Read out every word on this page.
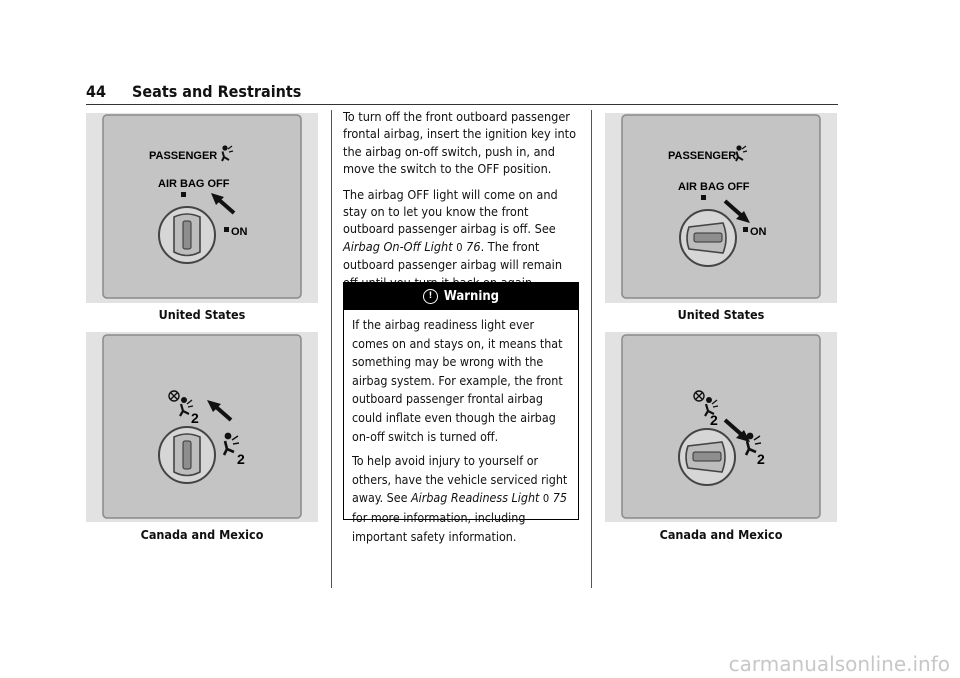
44 Seats and Restraints
PASSENGER
AIR BAG OFF
ON
United States
2
2
Canada and Mexico

To turn off the front outboard passenger frontal airbag, insert the ignition key into the airbag on-off switch, push in, and move the switch to the OFF position.

The airbag OFF light will come on and stay on to let you know the front outboard passenger airbag is off. See Airbag On-Off Light 0 76. The front outboard passenger airbag will remain

! Warning

If the airbag readiness light ever comes on and stays on, it means that something may be wrong with the airbag system. For example, the front outboard passenger frontal airbag could inflate even though the airbag on-off switch is turned off.

To help avoid injury to yourself or others, have the vehicle serviced right away. See Airbag Readiness Light 0 75 for more information, including important safety information.

PASSENGER
AIR BAG OFF
ON
United States
2
2
Canada and Mexico
carmanualsonline.info
